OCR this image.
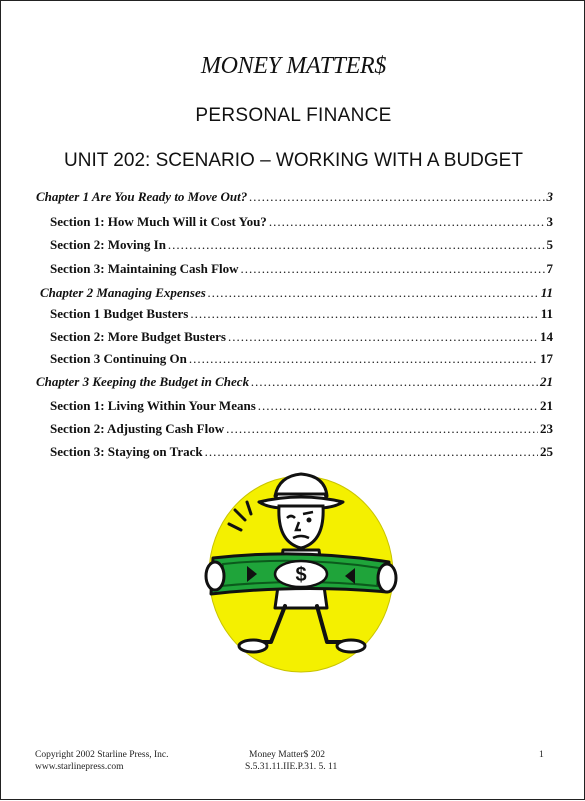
MONEY MATTER$
PERSONAL FINANCE
UNIT 202: SCENARIO – WORKING WITH A BUDGET
Chapter 1 Are You Ready to Move Out? .....	3
Section 1: How Much Will it Cost You? .....	3
Section 2: Moving In .....	5
Section 3: Maintaining Cash Flow .....	7
Chapter 2 Managing Expenses .....	11
Section 1 Budget Busters .....	11
Section 2: More Budget Busters .....	14
Section 3 Continuing On .....	17
Chapter 3 Keeping the Budget in Check .....	21
Section 1: Living Within Your Means .....	21
Section 2: Adjusting Cash Flow .....	23
Section 3: Staying on Track .....	25
$
Copyright 2002 Starline Press, Inc.
www.starlinepress.com
Money Matter$ 202
S.5.31.11.IIE.P.31. 5. 11
1
